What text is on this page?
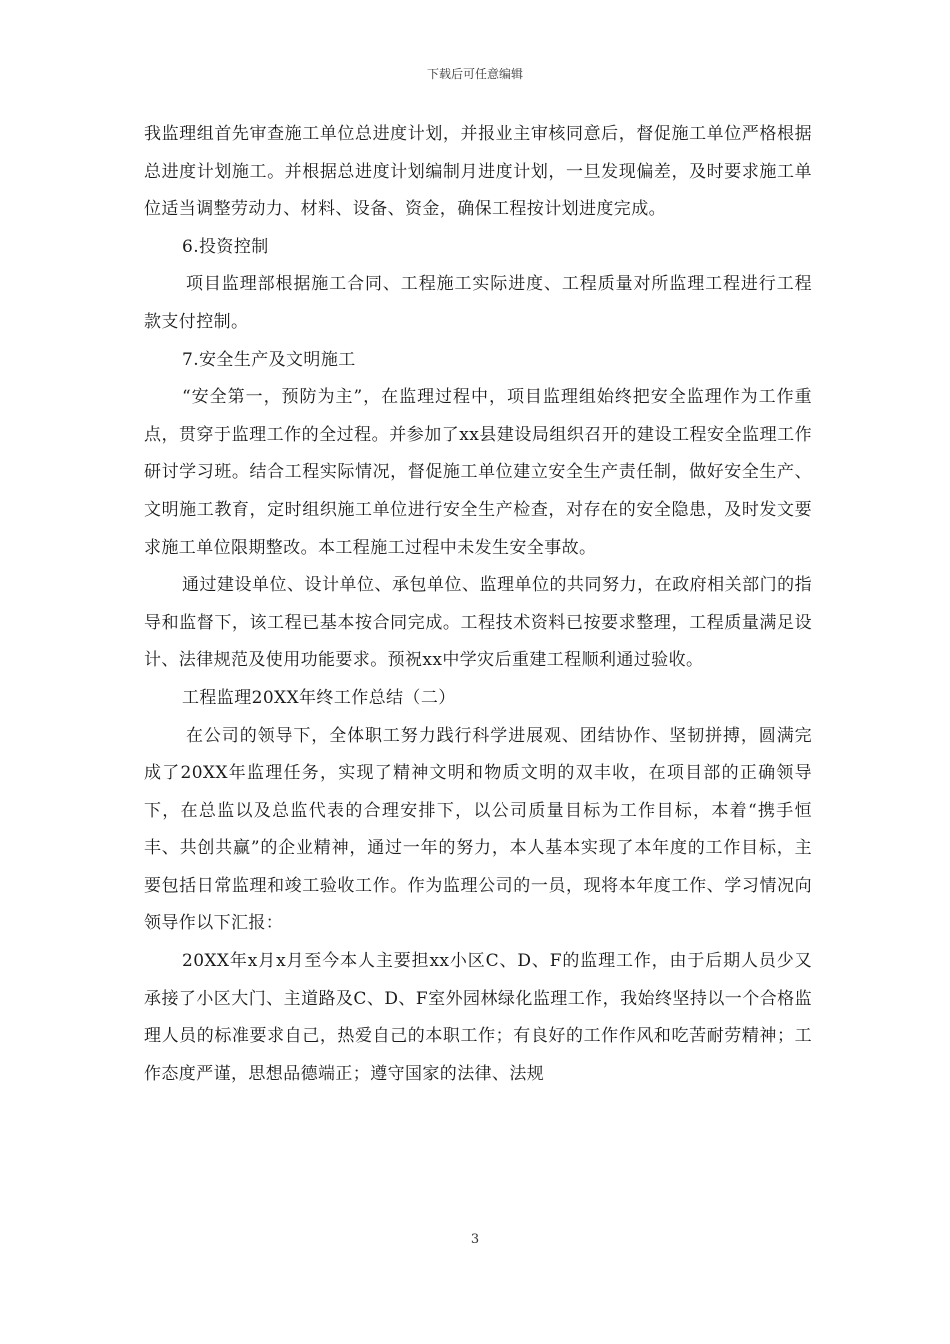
下载后可任意编辑

我监理组首先审查施工单位总进度计划，并报业主审核同意后，督促施工单位严格根据总进度计划施工。并根据总进度计划编制月进度计划，一旦发现偏差，及时要求施工单位适当调整劳动力、材料、设备、资金，确保工程按计划进度完成。

6.投资控制

项目监理部根据施工合同、工程施工实际进度、工程质量对所监理工程进行工程款支付控制。

7.安全生产及文明施工

“安全第一，预防为主”，在监理过程中，项目监理组始终把安全监理作为工作重点，贯穿于监理工作的全过程。并参加了xx县建设局组织召开的建设工程安全监理工作研讨学习班。结合工程实际情况，督促施工单位建立安全生产责任制，做好安全生产、文明施工教育，定时组织施工单位进行安全生产检查，对存在的安全隐患，及时发文要求施工单位限期整改。本工程施工过程中未发生安全事故。

通过建设单位、设计单位、承包单位、监理单位的共同努力，在政府相关部门的指导和监督下，该工程已基本按合同完成。工程技术资料已按要求整理，工程质量满足设计、法律规范及使用功能要求。预祝xx中学灾后重建工程顺利通过验收。

工程监理20XX年终工作总结（二）

在公司的领导下，全体职工努力践行科学进展观、团结协作、坚韧拼搏，圆满完成了20XX年监理任务，实现了精神文明和物质文明的双丰收，在项目部的正确领导下，在总监以及总监代表的合理安排下，以公司质量目标为工作目标，本着“携手恒丰、共创共赢”的企业精神，通过一年的努力，本人基本实现了本年度的工作目标，主要包括日常监理和竣工验收工作。作为监理公司的一员，现将本年度工作、学习情况向领导作以下汇报：

20XX年x月x月至今本人主要担xx小区C、D、F的监理工作，由于后期人员少又承接了小区大门、主道路及C、D、F室外园林绿化监理工作，我始终坚持以一个合格监理人员的标准要求自己，热爱自己的本职工作；有良好的工作作风和吃苦耐劳精神；工作态度严谨，思想品德端正；遵守国家的法律、法规

3
